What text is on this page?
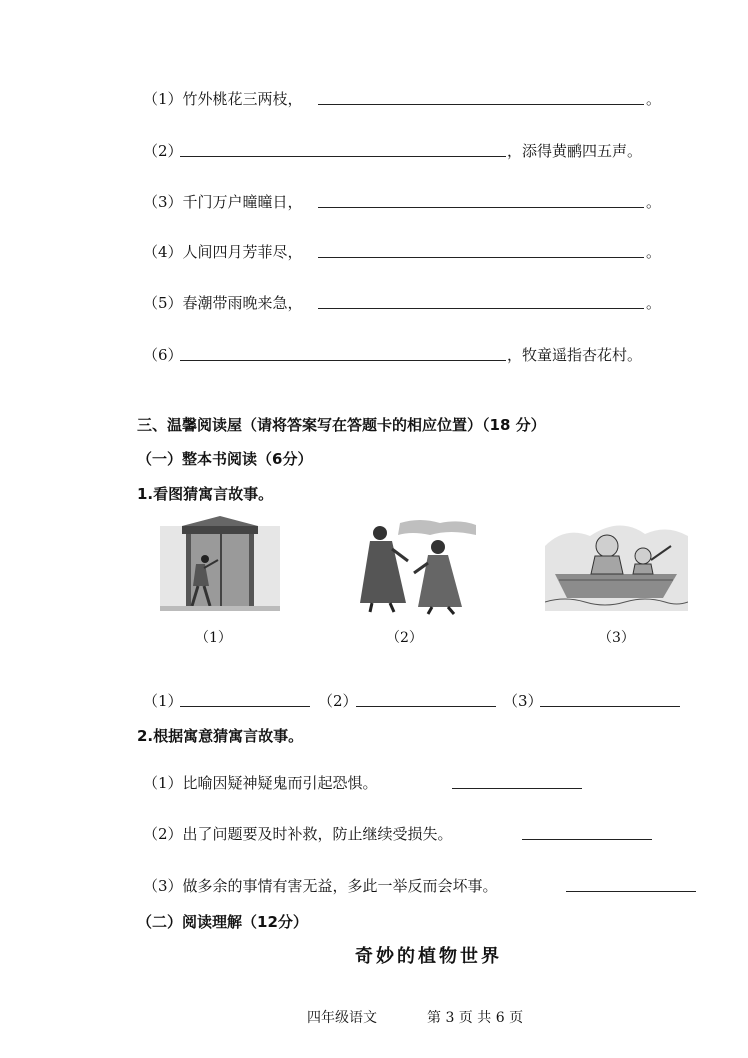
（1）竹外桃花三两枝，	。
（2）	，添得黄鹂四五声。
（3）千门万户曈曈日，	。
（4）人间四月芳菲尽，	。
（5）春潮带雨晚来急，	。
（6）	，牧童遥指杏花村。
三、温馨阅读屋（请将答案写在答题卡的相应位置）（18 分）
（一）整本书阅读（6分）
1.看图猜寓言故事。
（1）	（2）	（3）
（1）	（2）	（3）
2.根据寓意猜寓言故事。
（1）比喻因疑神疑鬼而引起恐惧。
（2）出了问题要及时补救，防止继续受损失。
（3）做多余的事情有害无益，多此一举反而会坏事。
（二）阅读理解（12分）
奇妙的植物世界
四年级语文	第 3 页 共 6 页
